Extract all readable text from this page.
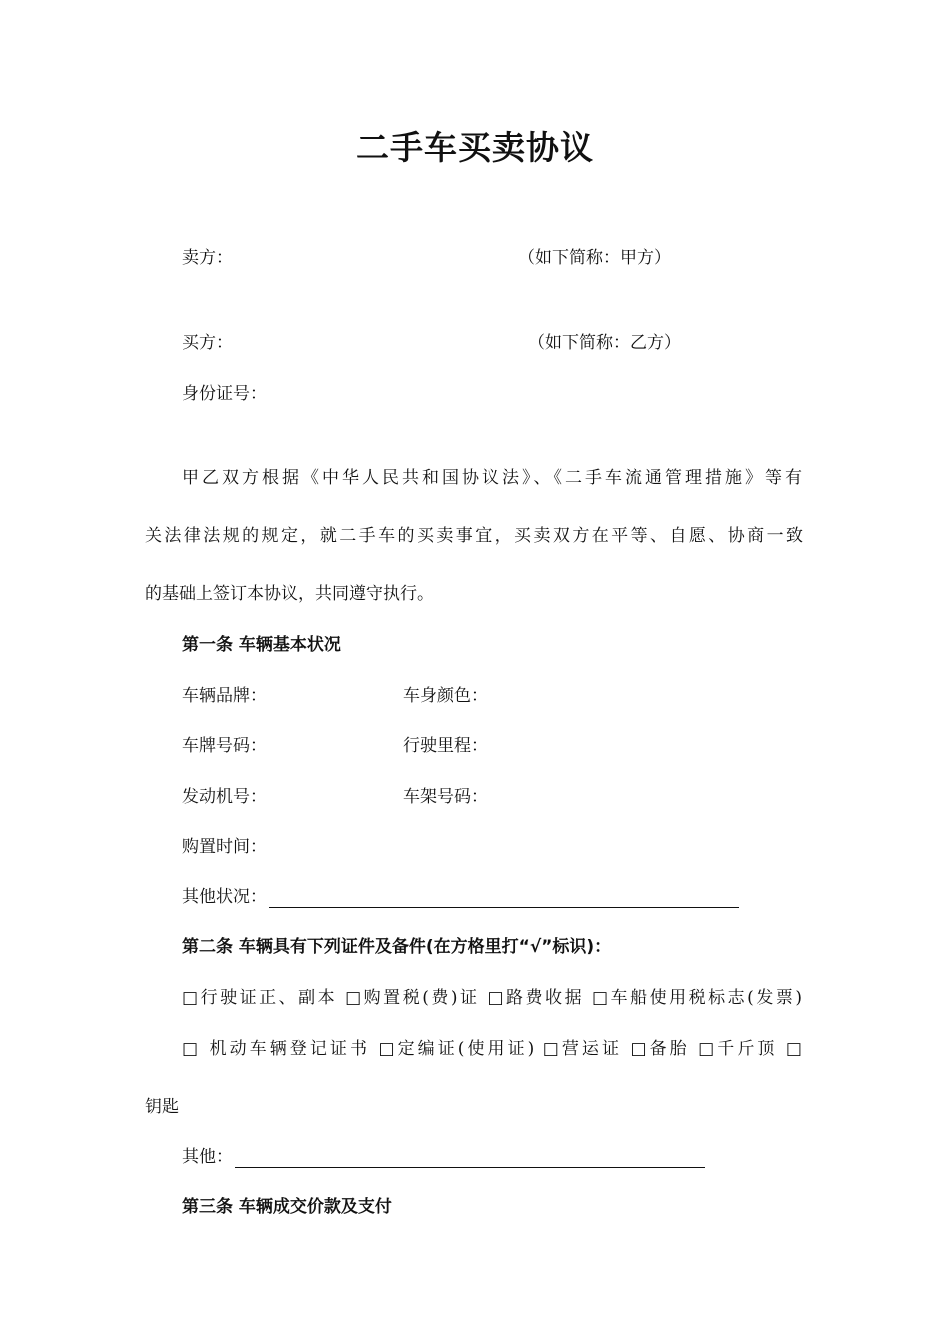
二手车买卖协议
卖方：	（如下简称：甲方）
买方：	（如下简称：乙方）
身份证号：
甲乙双方根据《中华人民共和国协议法》、《二手车流通管理措施》等有
关法律法规的规定，就二手车的买卖事宜，买卖双方在平等、自愿、协商一致
的基础上签订本协议，共同遵守执行。
第一条 车辆基本状况
车辆品牌：	车身颜色：
车牌号码：	行驶里程：
发动机号：	车架号码：
购置时间：
其他状况：
第二条 车辆具有下列证件及备件(在方格里打“√”标识)：
□行驶证正、副本 □购置税(费)证 □路费收据 □车船使用税标志(发票)
□ 机动车辆登记证书 □定编证(使用证) □营运证 □备胎 □千斤顶 □
钥匙
其他：
第三条 车辆成交价款及支付
